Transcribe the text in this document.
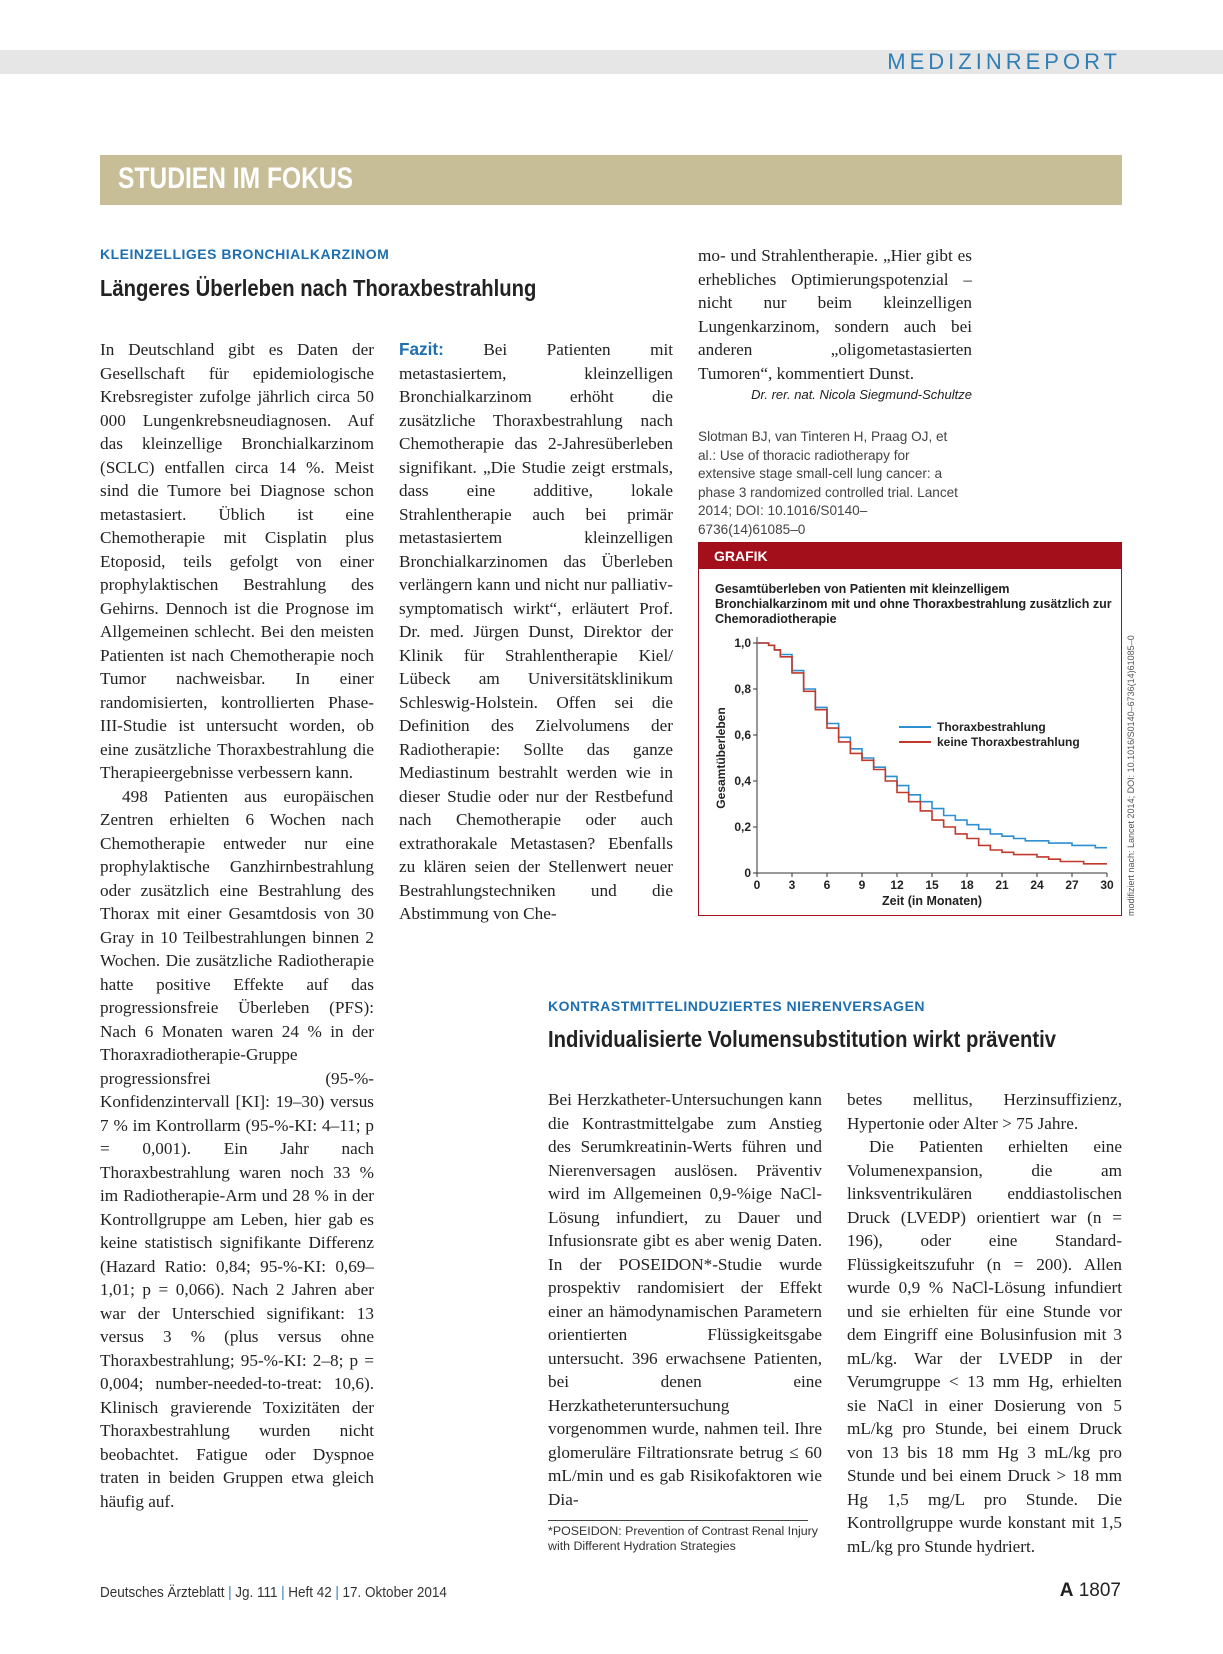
MEDIZINREPORT
STUDIEN IM FOKUS
KLEINZELLIGES BRONCHIALKARZINOM
Längeres Überleben nach Thoraxbestrahlung

In Deutschland gibt es Daten der Gesellschaft für epidemiologische Krebsregister zufolge jährlich circa 50 000 Lungenkrebsneudiagnosen. Auf das kleinzellige Bronchialkarzinom (SCLC) entfallen circa 14 %. Meist sind die Tumore bei Diagnose schon metastasiert. Üblich ist eine Chemotherapie mit Cisplatin plus Etoposid, teils gefolgt von einer prophylaktischen Bestrahlung des Gehirns. Dennoch ist die Prognose im Allgemeinen schlecht. Bei den meisten Patienten ist nach Chemotherapie noch Tumor nachweisbar. In einer randomisierten, kontrollierten Phase-III-Studie ist untersucht worden, ob eine zusätzliche Thoraxbestrahlung die Therapieergebnisse verbessern kann.

498 Patienten aus europäischen Zentren erhielten 6 Wochen nach Chemotherapie entweder nur eine prophylaktische Ganzhirnbestrahlung oder zusätzlich eine Bestrahlung des Thorax mit einer Gesamtdosis von 30 Gray in 10 Teilbestrahlungen binnen 2 Wochen. Die zusätzliche Radiotherapie hatte positive Effekte auf das progressionsfreie Überleben (PFS): Nach 6 Monaten waren 24 % in der Thoraxradiotherapie-Gruppe progressionsfrei (95-%-Konfidenzintervall [KI]: 19–30) versus 7 % im Kontrollarm (95-%-KI: 4–11; p = 0,001). Ein Jahr nach Thoraxbestrahlung waren noch 33 % im Radiotherapie-Arm und 28 % in der Kontrollgruppe am Leben, hier gab es keine statistisch signifikante Differenz (Hazard Ratio: 0,84; 95-%-KI: 0,69–1,01; p = 0,066). Nach 2 Jahren aber war der Unterschied signifikant: 13 versus 3 % (plus versus ohne Thoraxbestrahlung; 95-%-KI: 2–8; p = 0,004; number-needed-to-treat: 10,6). Klinisch gravierende Toxizitäten der Thoraxbestrahlung wurden nicht beobachtet. Fatigue oder Dyspnoe traten in beiden Gruppen etwa gleich häufig auf.

Fazit: Bei Patienten mit metastasiertem, kleinzelligen Bronchialkarzinom erhöht die zusätzliche Thoraxbestrahlung nach Chemotherapie das 2-Jahresüberleben signifikant. „Die Studie zeigt erstmals, dass eine additive, lokale Strahlentherapie auch bei primär metastasiertem kleinzelligen Bronchialkarzinomen das Überleben verlängern kann und nicht nur palliativ-symptomatisch wirkt“, erläutert Prof. Dr. med. Jürgen Dunst, Direktor der Klinik für Strahlentherapie Kiel/ Lübeck am Universitätsklinikum Schleswig-Holstein. Offen sei die Definition des Zielvolumens der Radiotherapie: Sollte das ganze Mediastinum bestrahlt werden wie in dieser Studie oder nur der Restbefund nach Chemotherapie oder auch extrathorakale Metastasen? Ebenfalls zu klären seien der Stellenwert neuer Bestrahlungstechniken und die Abstimmung von Che-

mo- und Strahlentherapie. „Hier gibt es erhebliches Optimierungspotenzial – nicht nur beim kleinzelligen Lungenkarzinom, sondern auch bei anderen „oligometastasierten Tumoren“, kommentiert Dunst.

Dr. rer. nat. Nicola Siegmund-Schultze

Slotman BJ, van Tinteren H, Praag OJ, et al.: Use of thoracic radiotherapy for extensive stage small-cell lung cancer: a phase 3 randomized controlled trial. Lancet 2014; DOI: 10.1016/S0140–6736(14)61085–0
GRAFIK
Gesamtüberleben von Patienten mit kleinzelligem Bronchialkarzinom mit und ohne Thoraxbestrahlung zusätzlich zur Chemoradiotherapie
0
0,2
0,4
0,6
0,8
1,0
0 3 6 9 12 15 18 21 24 27 30
Zeit (in Monaten)
Gesamtüberleben	Thoraxbestrahlung
keine Thoraxbestrahlung	modifiziert nach: Lancet 2014; DOI: 10.1016/S0140–6736(14)61085–0
KONTRASTMITTELINDUZIERTES NIERENVERSAGEN
Individualisierte Volumensubstitution wirkt präventiv

Bei Herzkatheter-Untersuchungen kann die Kontrastmittelgabe zum Anstieg des Serumkreatinin-Werts führen und Nierenversagen auslösen. Präventiv wird im Allgemeinen 0,9-%ige NaCl-Lösung infundiert, zu Dauer und Infusionsrate gibt es aber wenig Daten. In der POSEIDON*-Studie wurde prospektiv randomisiert der Effekt einer an hämodynamischen Parametern orientierten Flüssigkeitsgabe untersucht. 396 erwachsene Patienten, bei denen eine Herzkatheteruntersuchung vorgenommen wurde, nahmen teil. Ihre glomeruläre Filtrationsrate betrug ≤ 60 mL/min und es gab Risikofaktoren wie Dia-

betes mellitus, Herzinsuffizienz, Hypertonie oder Alter > 75 Jahre.

Die Patienten erhielten eine Volumenexpansion, die am linksventrikulären enddiastolischen Druck (LVEDP) orientiert war (n = 196), oder eine Standard-Flüssigkeitszufuhr (n = 200). Allen wurde 0,9 % NaCl-Lösung infundiert und sie erhielten für eine Stunde vor dem Eingriff eine Bolusinfusion mit 3 mL/kg. War der LVEDP in der Verumgruppe < 13 mm Hg, erhielten sie NaCl in einer Dosierung von 5 mL/kg pro Stunde, bei einem Druck von 13 bis 18 mm Hg 3 mL/kg pro Stunde und bei einem Druck > 18 mm Hg 1,5 mg/L pro Stunde. Die Kontrollgruppe wurde konstant mit 1,5 mL/kg pro Stunde hydriert.

*POSEIDON: Prevention of Contrast Renal Injury with Different Hydration Strategies
Deutsches Ärzteblatt | Jg. 111 | Heft 42 | 17. Oktober 2014	A 1807
